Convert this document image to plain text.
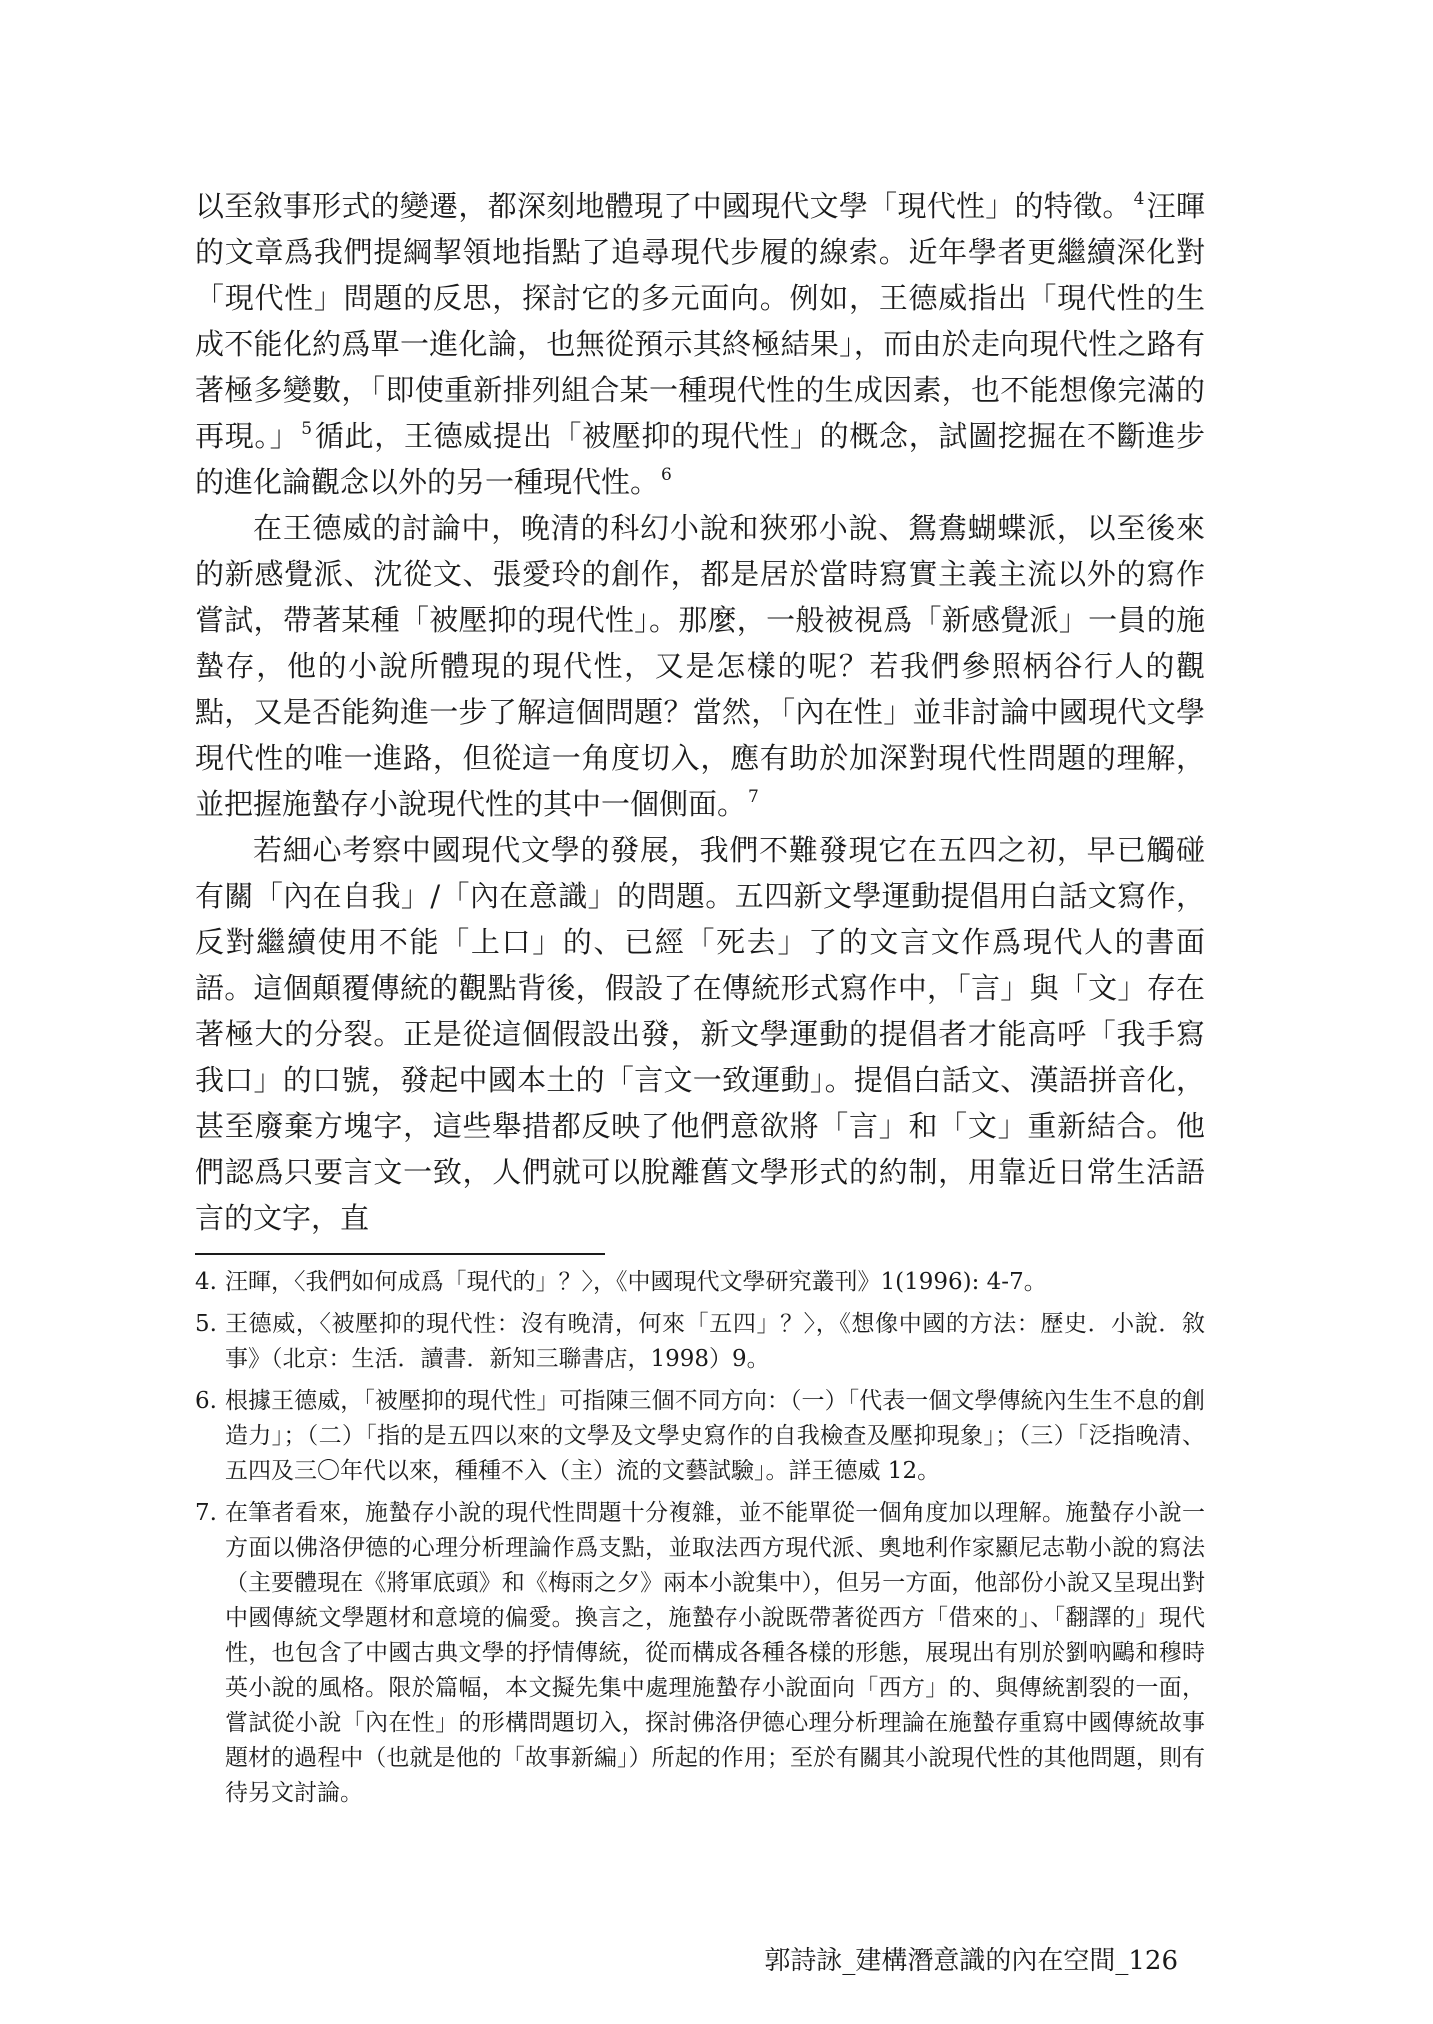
以至敘事形式的變遷，都深刻地體現了中國現代文學「現代性」的特徵。 $^4$汪暉的文章爲我們提綱挈領地指點了追尋現代步履的線索。近年學者更繼續深化對「現代性」問題的反思，探討它的多元面向。例如，王德威指出「現代性的生成不能化約爲單一進化論，也無從預示其終極結果」，而由於走向現代性之路有著極多變數，「即使重新排列組合某一種現代性的生成因素，也不能想像完滿的再現。」 $^5$循此，王德威提出「被壓抑的現代性」的概念，試圖挖掘在不斷進步的進化論觀念以外的另一種現代性。 $^6$

在王德威的討論中，晚清的科幻小說和狹邪小說、鴛鴦蝴蝶派，以至後來的新感覺派、沈從文、張愛玲的創作，都是居於當時寫實主義主流以外的寫作嘗試，帶著某種「被壓抑的現代性」。那麼，一般被視爲「新感覺派」一員的施蟄存，他的小說所體現的現代性，又是怎樣的呢？若我們參照柄谷行人的觀點，又是否能夠進一步了解這個問題？當然，「內在性」並非討論中國現代文學現代性的唯一進路，但從這一角度切入，應有助於加深對現代性問題的理解，並把握施蟄存小說現代性的其中一個側面。 $^7$

若細心考察中國現代文學的發展，我們不難發現它在五四之初，早已觸碰有關「內在自我」/「內在意識」的問題。五四新文學運動提倡用白話文寫作，反對繼續使用不能「上口」的、已經「死去」了的文言文作爲現代人的書面語。這個顛覆傳統的觀點背後，假設了在傳統形式寫作中，「言」與「文」存在著極大的分裂。正是從這個假設出發，新文學運動的提倡者才能高呼「我手寫我口」的口號，發起中國本土的「言文一致運動」。提倡白話文、漢語拼音化，甚至廢棄方塊字，這些舉措都反映了他們意欲將「言」和「文」重新結合。他們認爲只要言文一致，人們就可以脫離舊文學形式的約制，用靠近日常生活語言的文字，直

4. 汪暉，〈我們如何成爲「現代的」？〉，《中國現代文學研究叢刊》1(1996): 4-7。
5. 王德威，〈被壓抑的現代性：沒有晚清，何來「五四」？〉，《想像中國的方法：歷史．小說．敘事》（北京：生活．讀書．新知三聯書店，1998）9。
6. 根據王德威，「被壓抑的現代性」可指陳三個不同方向：（一）「代表一個文學傳統內生生不息的創造力」；（二）「指的是五四以來的文學及文學史寫作的自我檢查及壓抑現象」；（三）「泛指晚清、五四及三〇年代以來，種種不入（主）流的文藝試驗」。詳王德威 12。
7. 在筆者看來，施蟄存小說的現代性問題十分複雜，並不能單從一個角度加以理解。施蟄存小說一方面以佛洛伊德的心理分析理論作爲支點，並取法西方現代派、奧地利作家顯尼志勒小說的寫法（主要體現在《將軍底頭》和《梅雨之夕》兩本小說集中），但另一方面，他部份小說又呈現出對中國傳統文學題材和意境的偏愛。換言之，施蟄存小說既帶著從西方「借來的」、「翻譯的」現代性，也包含了中國古典文學的抒情傳統，從而構成各種各樣的形態，展現出有別於劉吶鷗和穆時英小說的風格。限於篇幅，本文擬先集中處理施蟄存小說面向「西方」的、與傳統割裂的一面，嘗試從小說「內在性」的形構問題切入，探討佛洛伊德心理分析理論在施蟄存重寫中國傳統故事題材的過程中（也就是他的「故事新編」）所起的作用；至於有關其小說現代性的其他問題，則有待另文討論。
郭詩詠_建構潛意識的內在空間_126
